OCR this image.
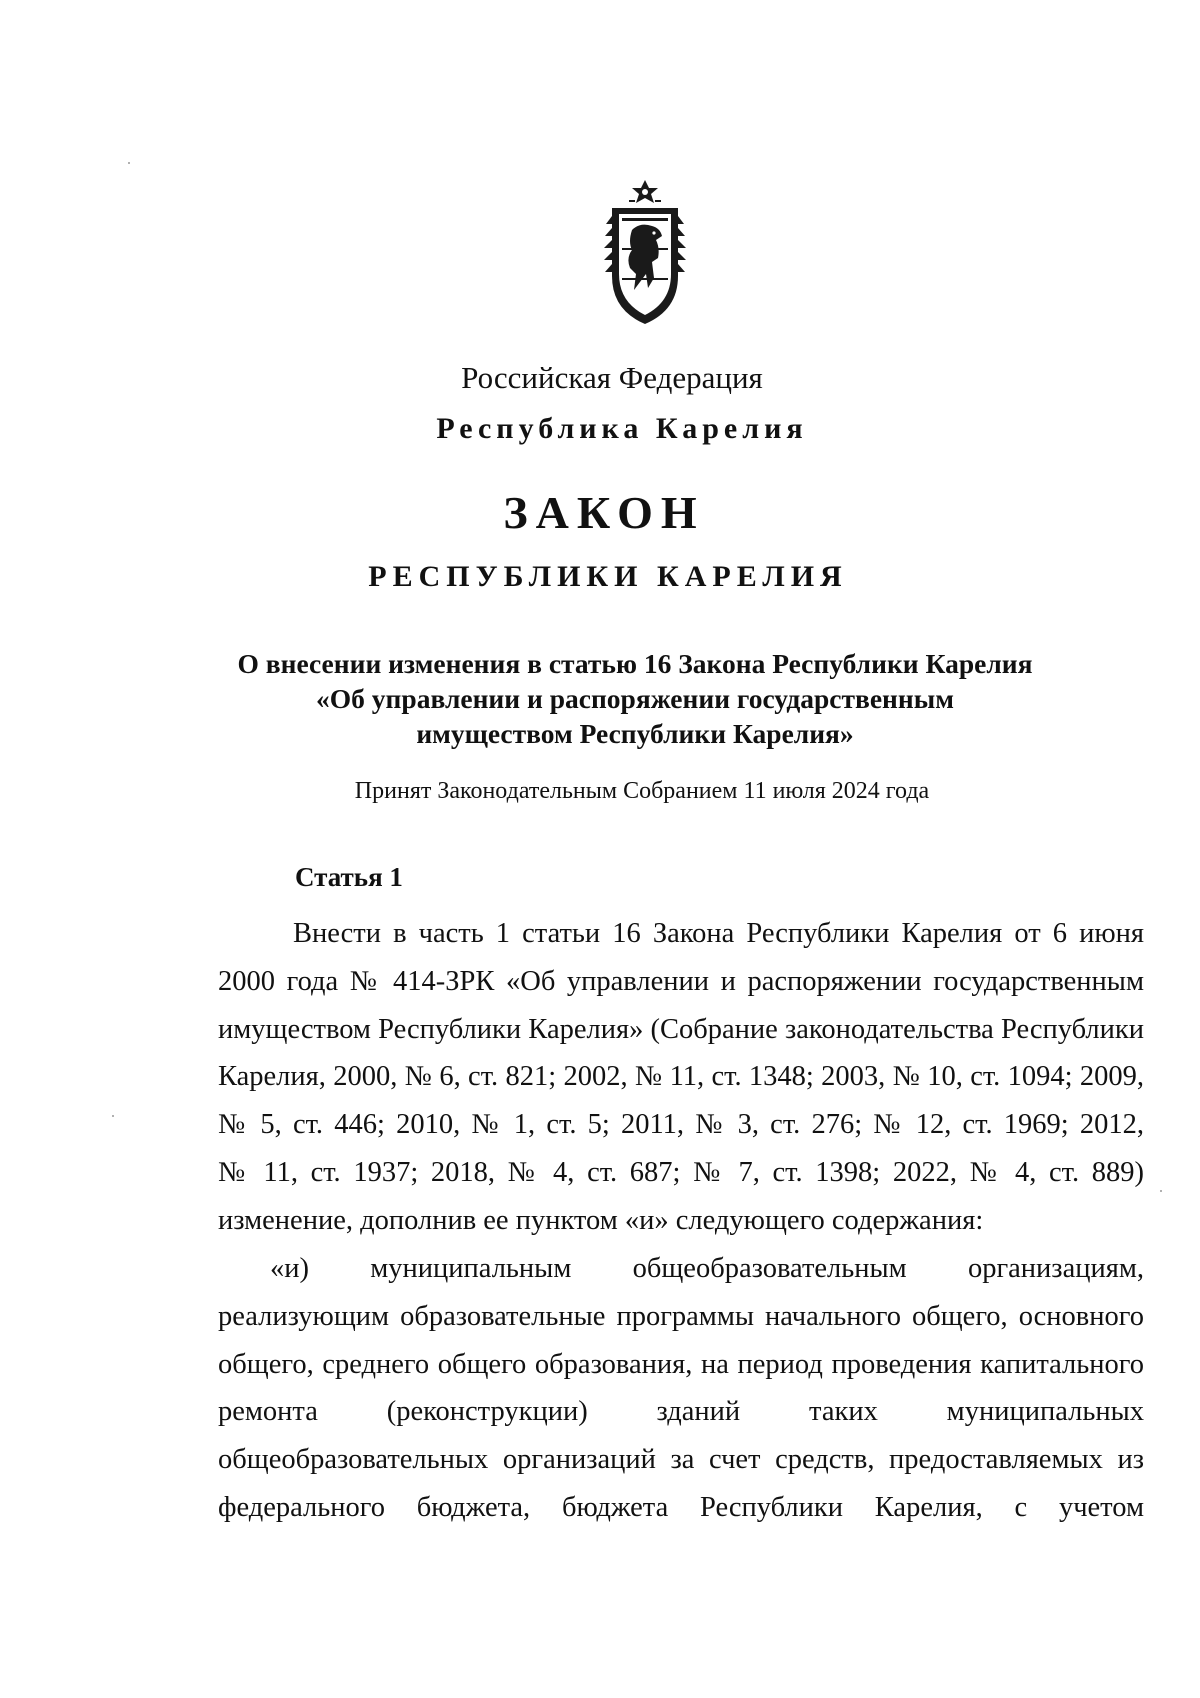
Российская Федерация
Республика Карелия
ЗАКОН
РЕСПУБЛИКИ КАРЕЛИЯ
О внесении изменения в статью 16 Закона Республики Карелия
«Об управлении и распоряжении государственным
имуществом Республики Карелия»
Принят Законодательным Собранием 11 июля 2024 года
Статья 1
Внести в часть 1 статьи 16 Закона Республики Карелия от 6 июня
2000 года № 414-ЗРК «Об управлении и распоряжении государственным
имуществом Республики Карелия» (Собрание законодательства Республики
Карелия, 2000, № 6, ст. 821; 2002, № 11, ст. 1348; 2003, № 10, ст. 1094; 2009,
№ 5, ст. 446; 2010, № 1, ст. 5; 2011, № 3, ст. 276; № 12, ст. 1969; 2012,
№ 11, ст. 1937; 2018, № 4, ст. 687; № 7, ст. 1398; 2022, № 4, ст. 889)
изменение, дополнив ее пунктом «и» следующего содержания:
«и) муниципальным общеобразовательным организациям,
реализующим образовательные программы начального общего, основного
общего, среднего общего образования, на период проведения капитального
ремонта (реконструкции) зданий таких муниципальных
общеобразовательных организаций за счет средств, предоставляемых из
федерального бюджета, бюджета Республики Карелия, с учетом
